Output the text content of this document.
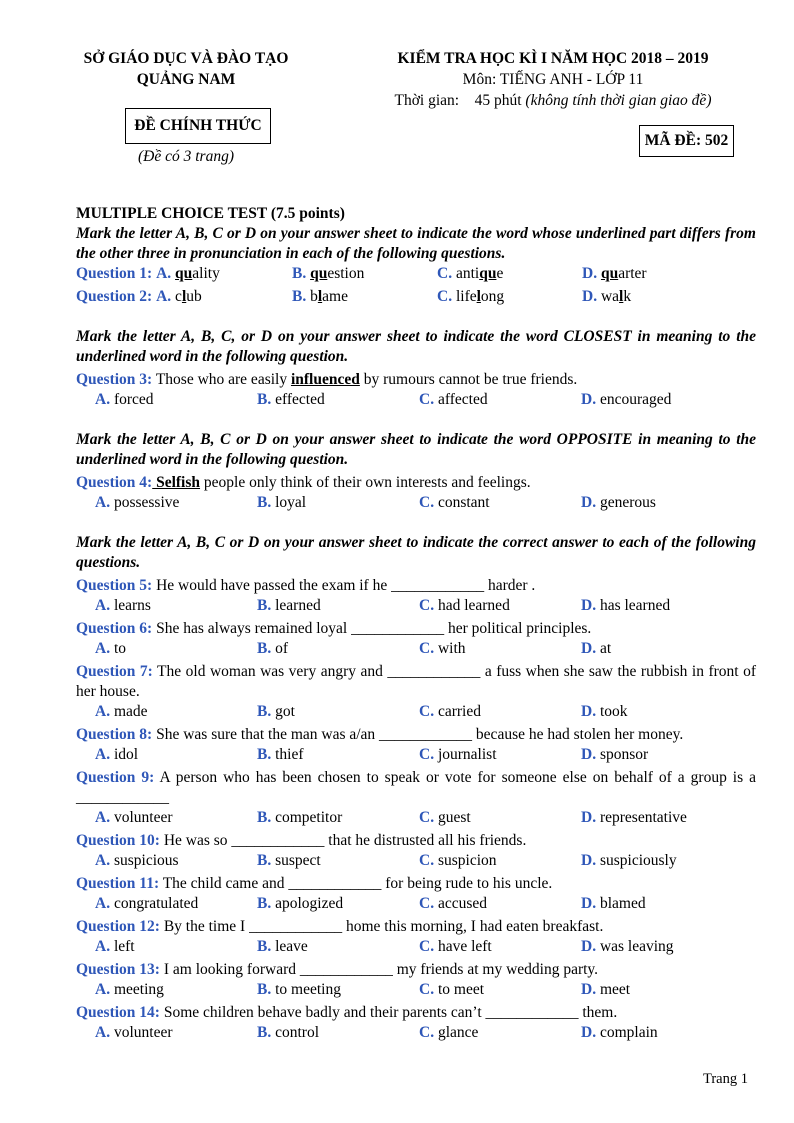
SỞ GIÁO DỤC VÀ ĐÀO TẠO
QUẢNG NAM
KIỂM TRA HỌC KÌ I NĂM HỌC 2018 – 2019
Môn: TIẾNG ANH - LỚP 11
Thời gian:    45 phút (không tính thời gian giao đề)
ĐỀ CHÍNH THỨC
(Đề có 3 trang)
MÃ ĐỀ: 502
MULTIPLE CHOICE TEST (7.5 points)
Mark the letter A, B, C or D on your answer sheet to indicate the word whose underlined part differs from the other three in pronunciation in each of the following questions.
Question 1: A. quality	B. question	C. antique	D. quarter
Question 2: A. club	B. blame	C. lifelong	D. walk
Mark the letter A, B, C, or D on your answer sheet to indicate the word CLOSEST in meaning to the underlined word in the following question.
Question 3: Those who are easily influenced by rumours cannot be true friends.
A. forced	B. effected	C. affected	D. encouraged
Mark the letter A, B, C or D on your answer sheet to indicate the word OPPOSITE in meaning to the underlined word in the following question.
Question 4: Selfish people only think of their own interests and feelings.
A. possessive	B. loyal	C. constant	D. generous
Mark the letter A, B, C or D on your answer sheet to indicate the correct answer to each of the following questions.
Question 5: He would have passed the exam if he ____________ harder .
A. learns	B. learned	C. had learned	D. has learned
Question 6: She has always remained loyal ____________ her political principles.
A. to	B. of	C. with	D. at
Question 7: The old woman was very angry and ____________ a fuss when she saw the rubbish in front of her house.
A. made	B. got	C. carried	D. took
Question 8: She was sure that the man was a/an ____________ because he had stolen her money.
A. idol	B. thief	C. journalist	D. sponsor
Question 9: A person who has been chosen to speak or vote for someone else on behalf of a group is a ____________
A. volunteer	B. competitor	C. guest	D. representative
Question 10: He was so ____________ that he distrusted all his friends.
A. suspicious	B. suspect	C. suspicion	D. suspiciously
Question 11: The child came and ____________ for being rude to his uncle.
A. congratulated	B. apologized	C. accused	D. blamed
Question 12: By the time I ____________ home this morning, I had eaten breakfast.
A. left	B. leave	C. have left	D. was leaving
Question 13: I am looking forward ____________ my friends at my wedding party.
A. meeting	B. to meeting	C. to meet	D. meet
Question 14: Some children behave badly and their parents can’t ____________ them.
A. volunteer	B. control	C. glance	D. complain
Trang 1
